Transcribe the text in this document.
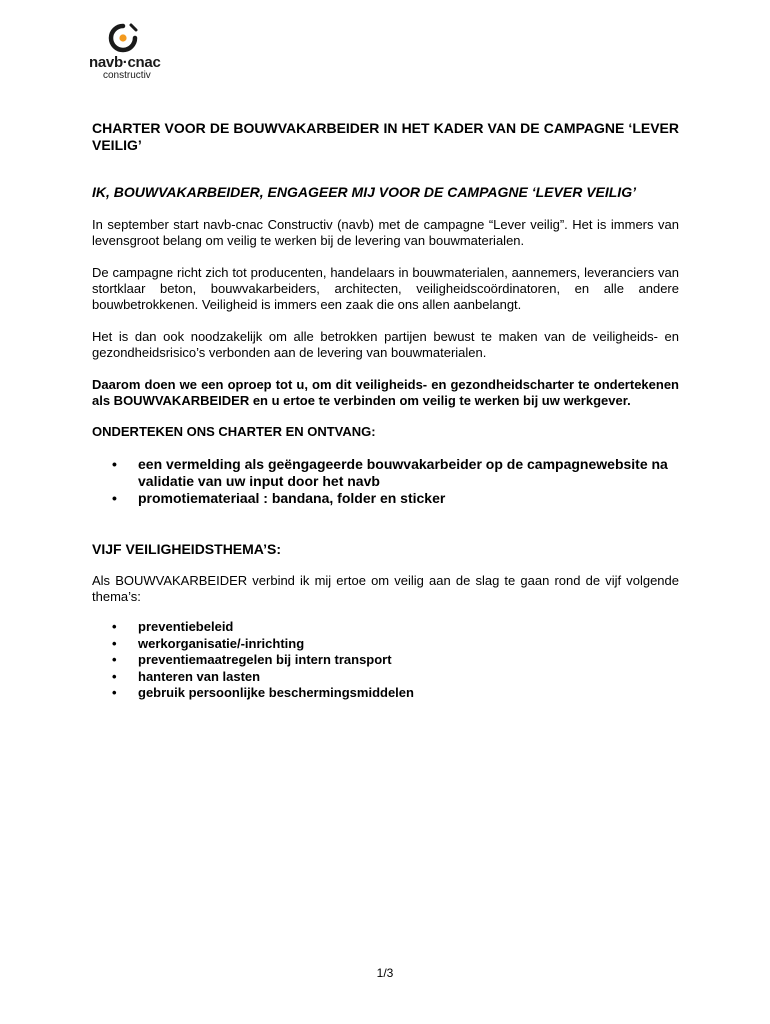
navb·cnac
constructiv
CHARTER VOOR DE BOUWVAKARBEIDER IN HET KADER VAN DE CAMPAGNE ‘LEVER VEILIG’
IK, BOUWVAKARBEIDER, ENGAGEER MIJ VOOR DE CAMPAGNE ‘LEVER VEILIG’

In september start navb-cnac Constructiv (navb) met de campagne “Lever veilig”. Het is immers van levensgroot belang om veilig te werken bij de levering van bouwmaterialen.

De campagne richt zich tot producenten, handelaars in bouwmaterialen, aannemers, leveranciers van stortklaar beton, bouwvakarbeiders, architecten, veiligheidscoördinatoren, en alle andere bouwbetrokkenen. Veiligheid is immers een zaak die ons allen aanbelangt.

Het is dan ook noodzakelijk om alle betrokken partijen bewust te maken van de veiligheids- en gezondheidsrisico’s verbonden aan de levering van bouwmaterialen.

Daarom doen we een oproep tot u, om dit veiligheids- en gezondheidscharter te ondertekenen als BOUWVAKARBEIDER en u ertoe te verbinden om veilig te werken bij uw werkgever.

ONDERTEKEN ONS CHARTER EN ONTVANG:
• een vermelding als geëngageerde bouwvakarbeider op de campagnewebsite na validatie van uw input door het navb
• promotiemateriaal : bandana, folder en sticker
VIJF VEILIGHEIDSTHEMA’S:

Als BOUWVAKARBEIDER verbind ik mij ertoe om veilig aan de slag te gaan rond de vijf volgende thema’s:

• preventiebeleid
• werkorganisatie/-inrichting
• preventiemaatregelen bij intern transport
• hanteren van lasten
• gebruik persoonlijke beschermingsmiddelen
1/3
